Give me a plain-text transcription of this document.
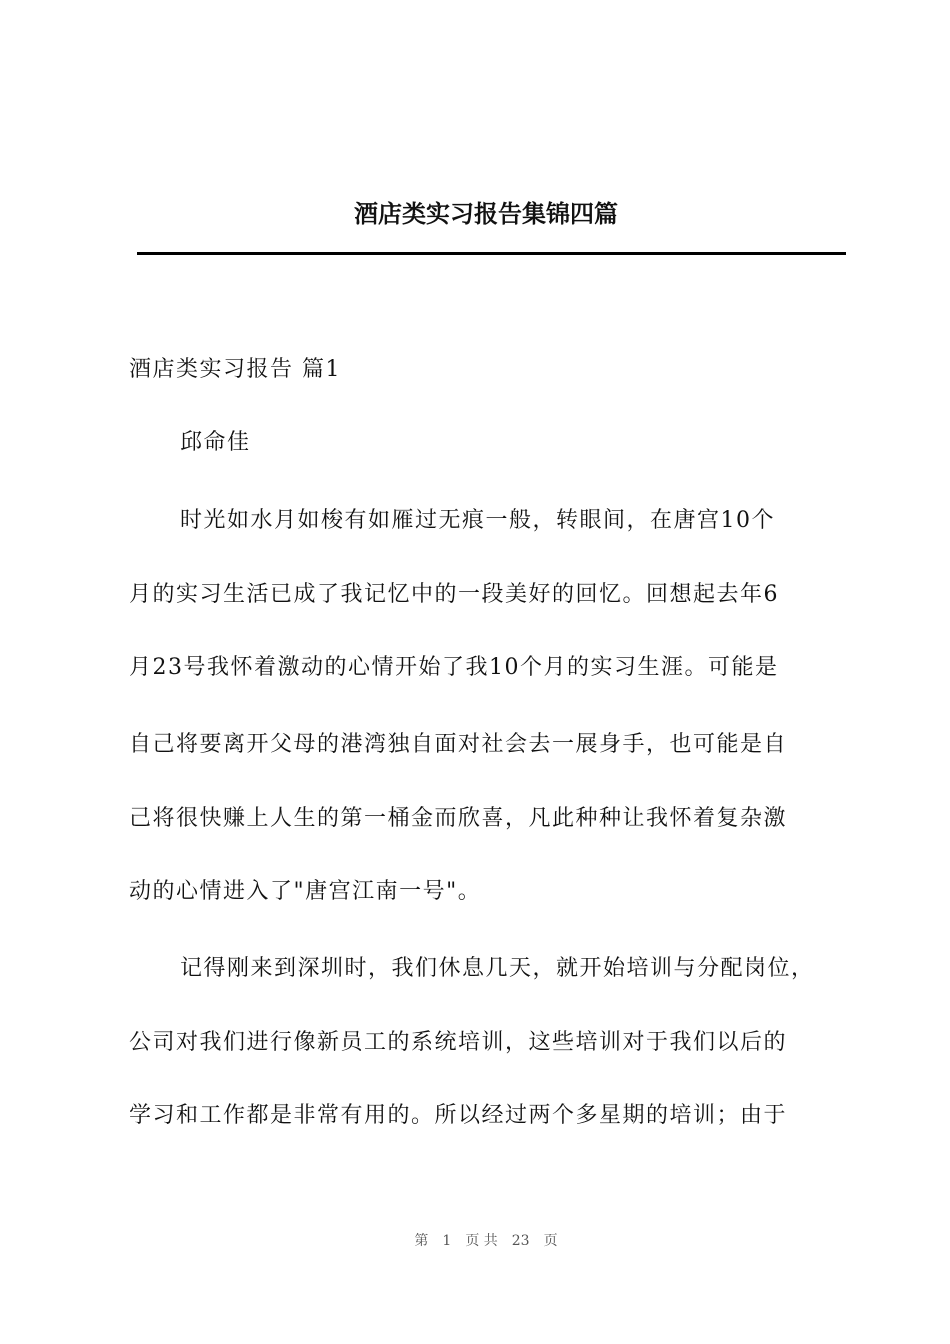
酒店类实习报告集锦四篇
酒店类实习报告 篇1
邱命佳
时光如水月如梭有如雁过无痕一般，转眼间，在唐宫10个
月的实习生活已成了我记忆中的一段美好的回忆。回想起去年6
月23号我怀着激动的心情开始了我10个月的实习生涯。可能是
自己将要离开父母的港湾独自面对社会去一展身手，也可能是自
己将很快赚上人生的第一桶金而欣喜，凡此种种让我怀着复杂激
动的心情进入了"唐宫江南一号"。
记得刚来到深圳时，我们休息几天，就开始培训与分配岗位，
公司对我们进行像新员工的系统培训，这些培训对于我们以后的
学习和工作都是非常有用的。所以经过两个多星期的培训；由于
第 1 页 共 23 页
